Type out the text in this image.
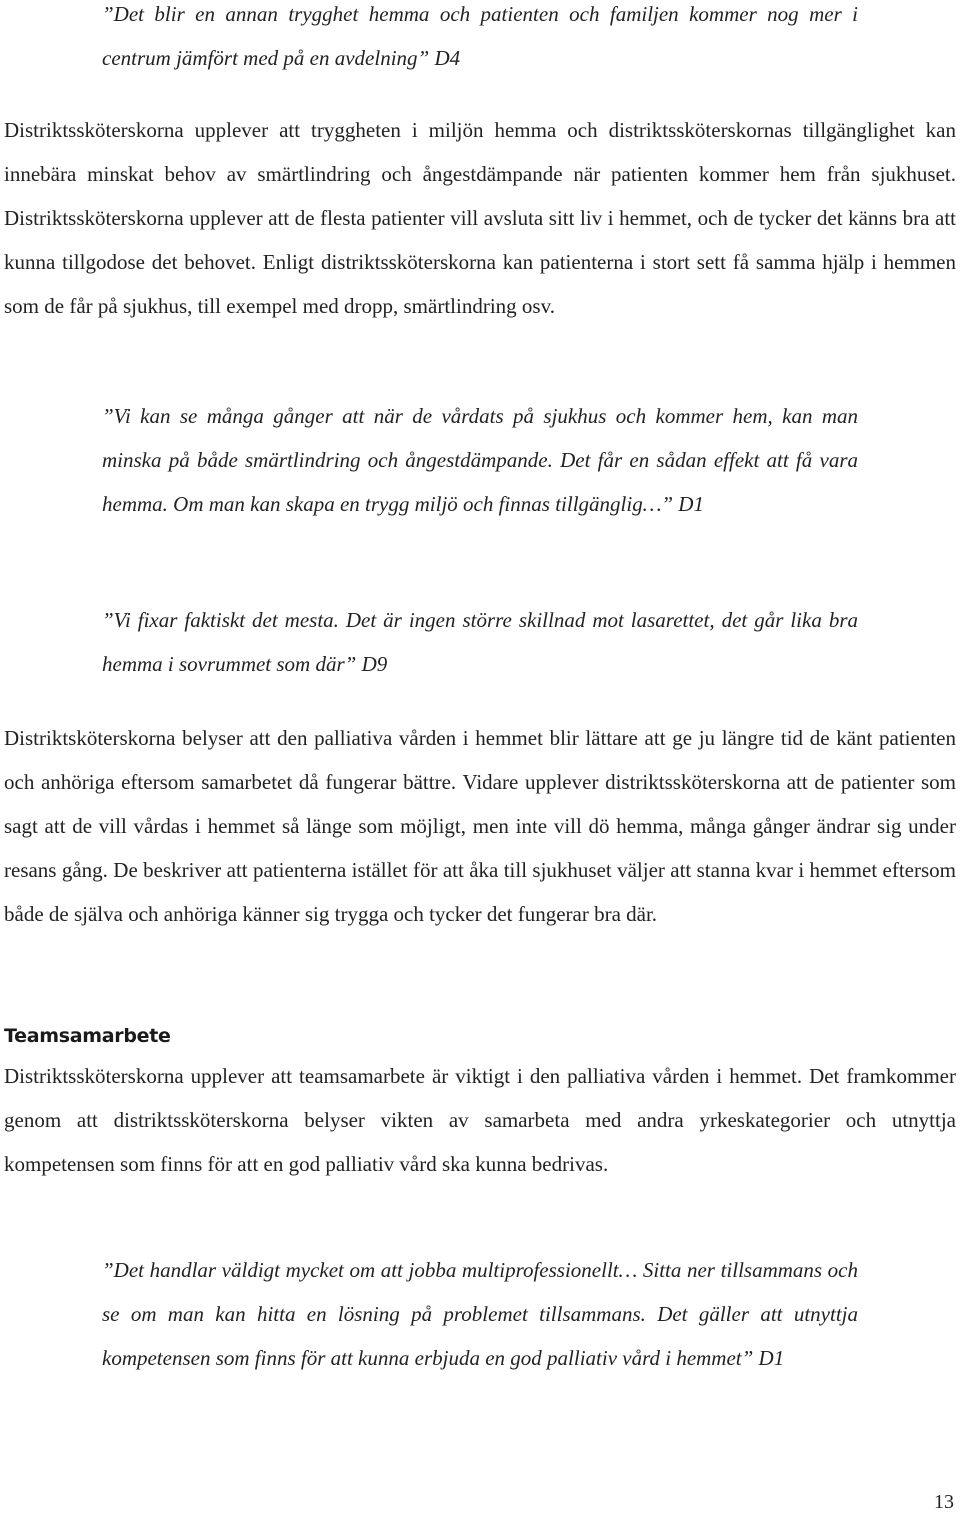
”Det blir en annan trygghet hemma och patienten och familjen kommer nog mer i centrum jämfört med på en avdelning” D4
Distriktssköterskorna upplever att tryggheten i miljön hemma och distriktssköterskornas tillgänglighet kan innebära minskat behov av smärtlindring och ångestdämpande när patienten kommer hem från sjukhuset. Distriktssköterskorna upplever att de flesta patienter vill avsluta sitt liv i hemmet, och de tycker det känns bra att kunna tillgodose det behovet. Enligt distriktssköterskorna kan patienterna i stort sett få samma hjälp i hemmen som de får på sjukhus, till exempel med dropp, smärtlindring osv.
”Vi kan se många gånger att när de vårdats på sjukhus och kommer hem, kan man minska på både smärtlindring och ångestdämpande. Det får en sådan effekt att få vara hemma. Om man kan skapa en trygg miljö och finnas tillgänglig…” D1
”Vi fixar faktiskt det mesta. Det är ingen större skillnad mot lasarettet, det går lika bra hemma i sovrummet som där” D9
Distriktsköterskorna belyser att den palliativa vården i hemmet blir lättare att ge ju längre tid de känt patienten och anhöriga eftersom samarbetet då fungerar bättre. Vidare upplever distriktssköterskorna att de patienter som sagt att de vill vårdas i hemmet så länge som möjligt, men inte vill dö hemma, många gånger ändrar sig under resans gång. De beskriver att patienterna istället för att åka till sjukhuset väljer att stanna kvar i hemmet eftersom både de själva och anhöriga känner sig trygga och tycker det fungerar bra där.
Teamsamarbete
Distriktssköterskorna upplever att teamsamarbete är viktigt i den palliativa vården i hemmet. Det framkommer genom att distriktssköterskorna belyser vikten av samarbeta med andra yrkeskategorier och utnyttja kompetensen som finns för att en god palliativ vård ska kunna bedrivas.
”Det handlar väldigt mycket om att jobba multiprofessionellt… Sitta ner tillsammans och se om man kan hitta en lösning på problemet tillsammans. Det gäller att utnyttja kompetensen som finns för att kunna erbjuda en god palliativ vård i hemmet” D1
13
